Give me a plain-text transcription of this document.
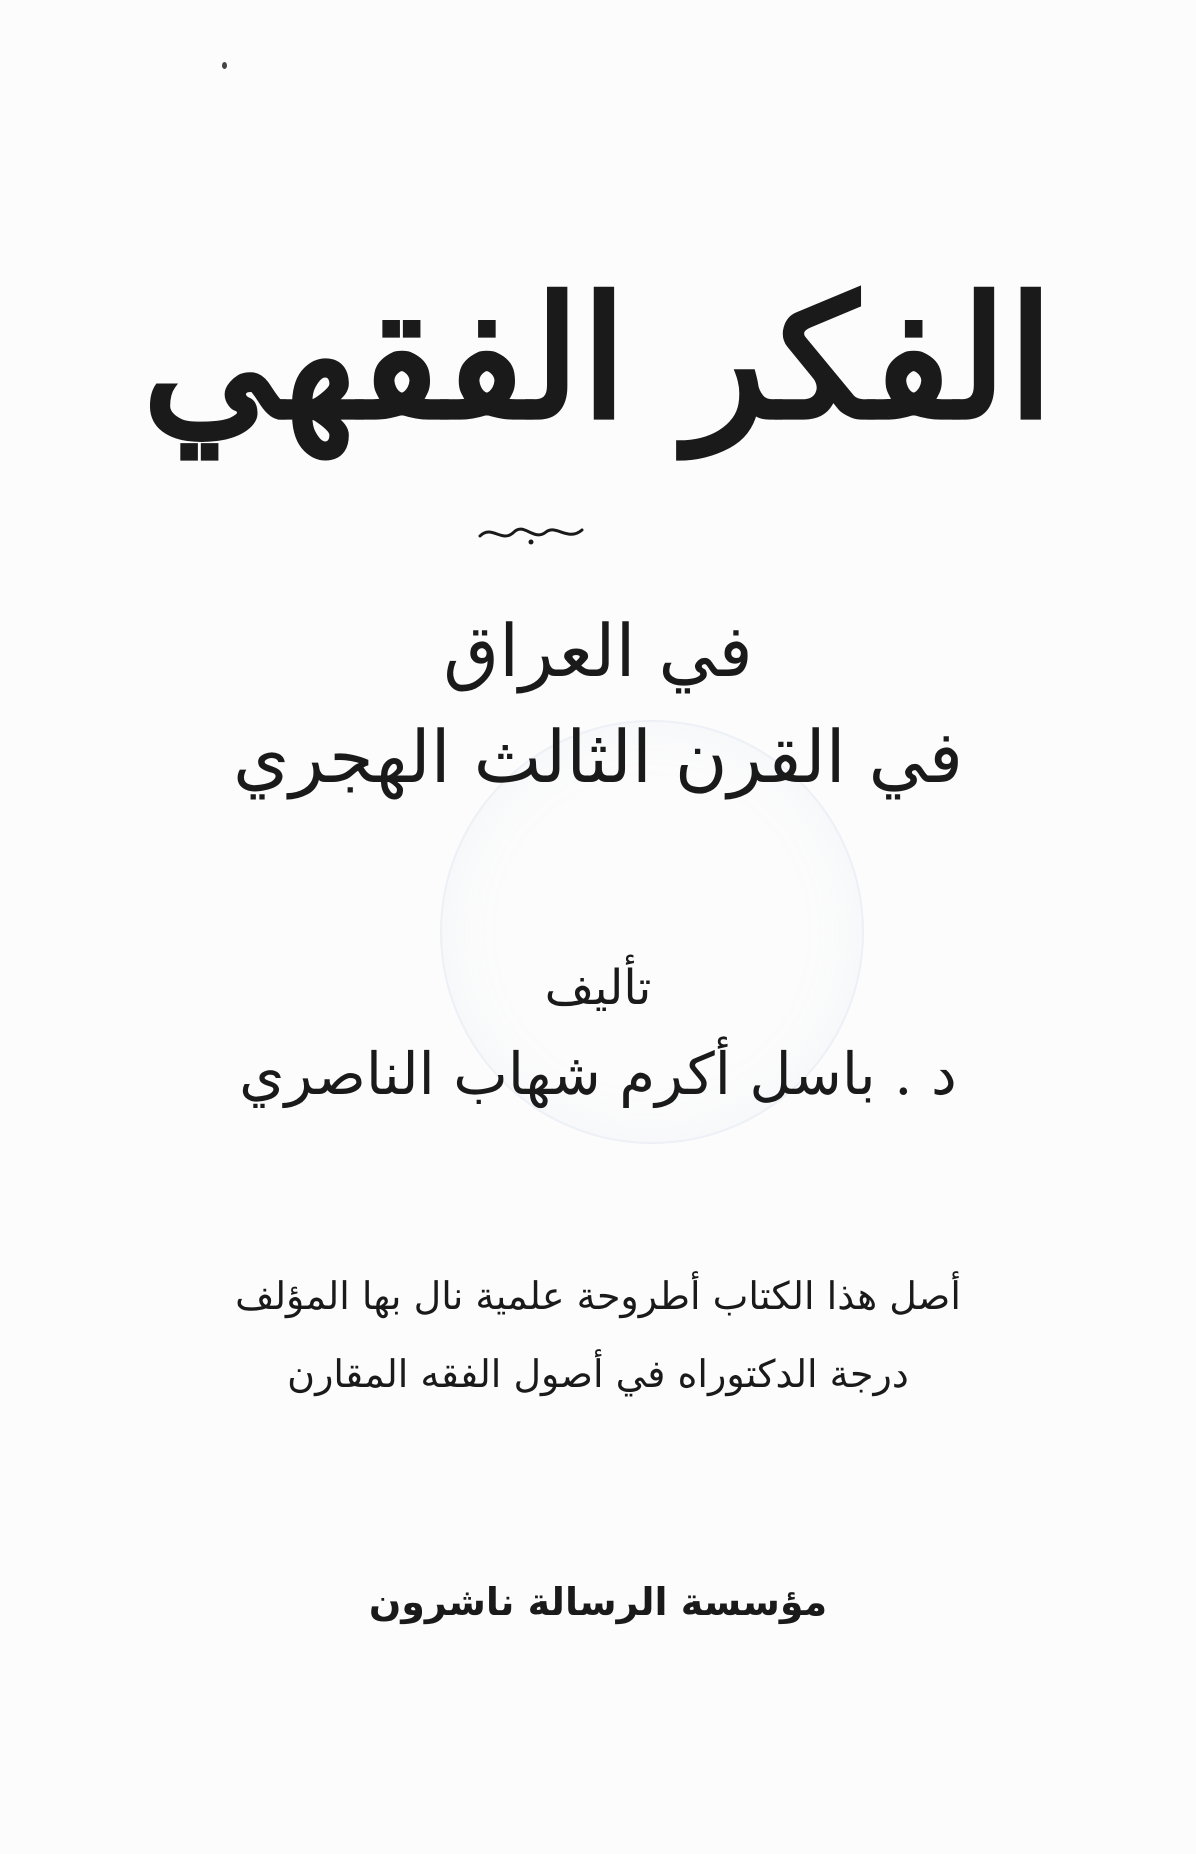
الفكر الفقهي
في العراق
في القرن الثالث الهجري
تأليف
د . باسل أكرم شهاب الناصري
أصل هذا الكتاب أطروحة علمية نال بها المؤلف
درجة الدكتوراه في أصول الفقه المقارن
مؤسسة الرسالة ناشرون
